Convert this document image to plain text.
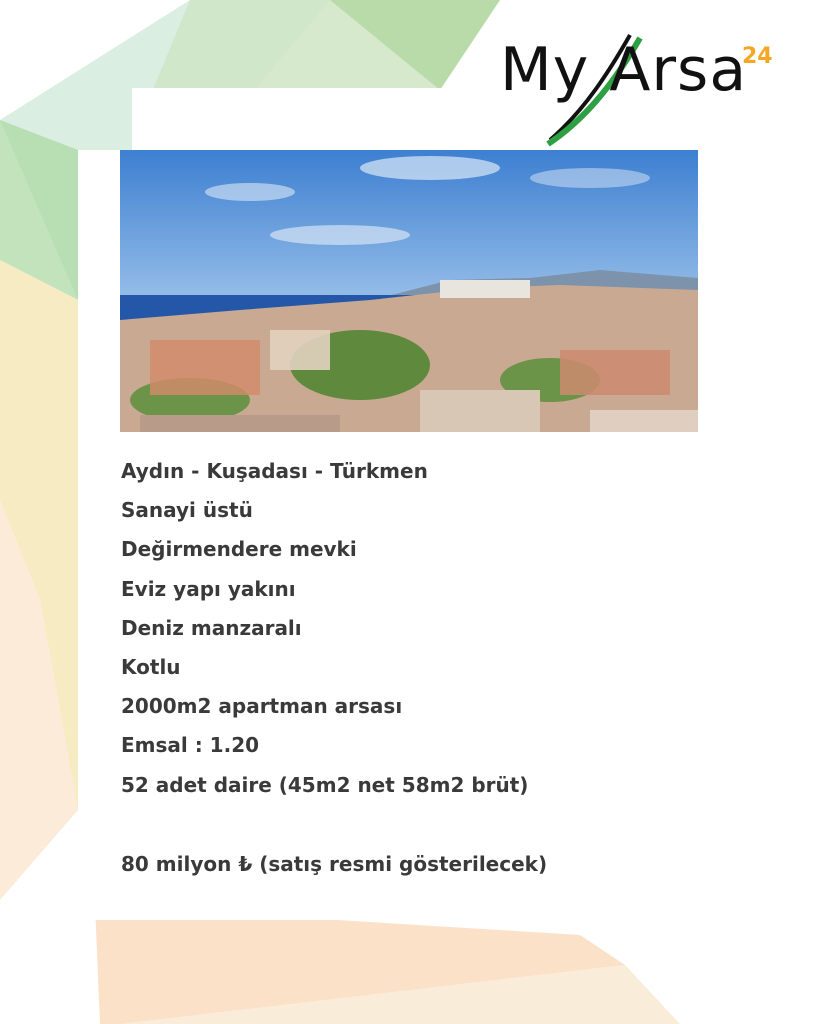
My Arsa
24
Aydın - Kuşadası - Türkmen
Sanayi üstü
Değirmendere mevki
Eviz yapı yakını
Deniz manzaralı
Kotlu
2000m2 apartman arsası
Emsal : 1.20
52 adet daire (45m2 net 58m2 brüt)
80 milyon ₺ (satış resmi gösterilecek)
